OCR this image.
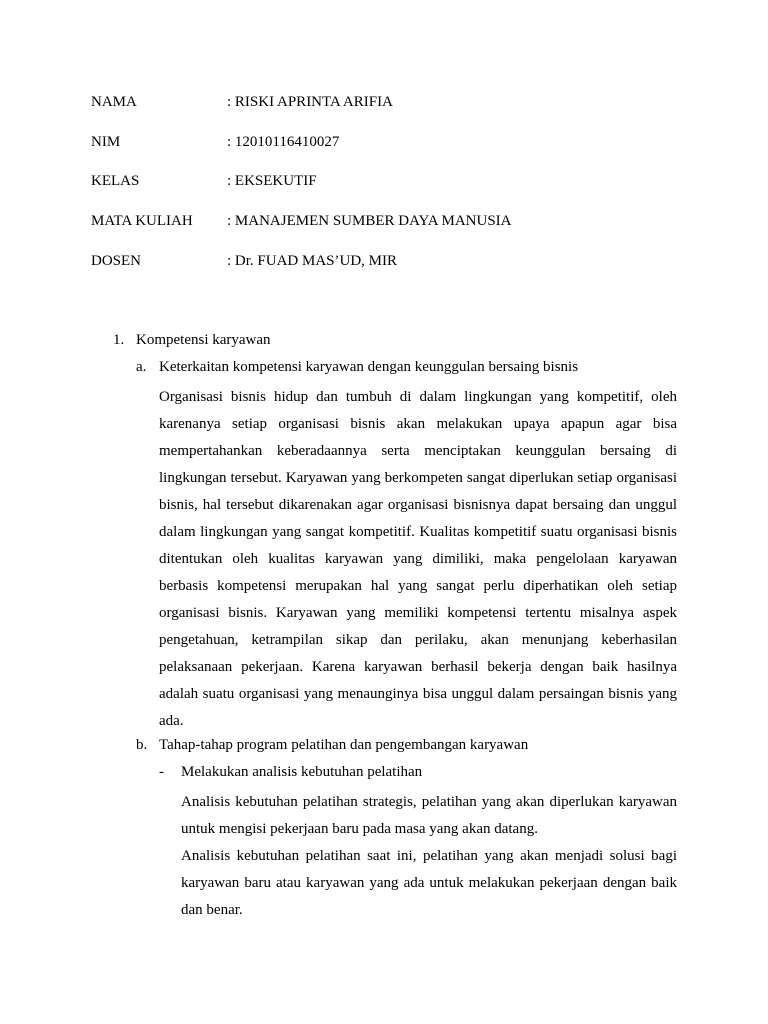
NAMA	: RISKI APRINTA ARIFIA
NIM	: 12010116410027
KELAS	: EKSEKUTIF
MATA KULIAH : MANAJEMEN SUMBER DAYA MANUSIA
DOSEN	: Dr. FUAD MAS’UD, MIR
1. Kompetensi karyawan
a. Keterkaitan kompetensi karyawan dengan keunggulan bersaing bisnis

Organisasi bisnis hidup dan tumbuh di dalam lingkungan yang kompetitif, oleh karenanya setiap organisasi bisnis akan melakukan upaya apapun agar bisa mempertahankan keberadaannya serta menciptakan keunggulan bersaing di lingkungan tersebut. Karyawan yang berkompeten sangat diperlukan setiap organisasi bisnis, hal tersebut dikarenakan agar organisasi bisnisnya dapat bersaing dan unggul dalam lingkungan yang sangat kompetitif. Kualitas kompetitif suatu organisasi bisnis ditentukan oleh kualitas karyawan yang dimiliki, maka pengelolaan karyawan berbasis kompetensi merupakan hal yang sangat perlu diperhatikan oleh setiap organisasi bisnis. Karyawan yang memiliki kompetensi tertentu misalnya aspek pengetahuan, ketrampilan sikap dan perilaku, akan menunjang keberhasilan pelaksanaan pekerjaan. Karena karyawan berhasil bekerja dengan baik hasilnya adalah suatu organisasi yang menaunginya bisa unggul dalam persaingan bisnis yang ada.

b. Tahap-tahap program pelatihan dan pengembangan karyawan
- Melakukan analisis kebutuhan pelatihan

Analisis kebutuhan pelatihan strategis, pelatihan yang akan diperlukan karyawan untuk mengisi pekerjaan baru pada masa yang akan datang.

Analisis kebutuhan pelatihan saat ini, pelatihan yang akan menjadi solusi bagi karyawan baru atau karyawan yang ada untuk melakukan pekerjaan dengan baik dan benar.
